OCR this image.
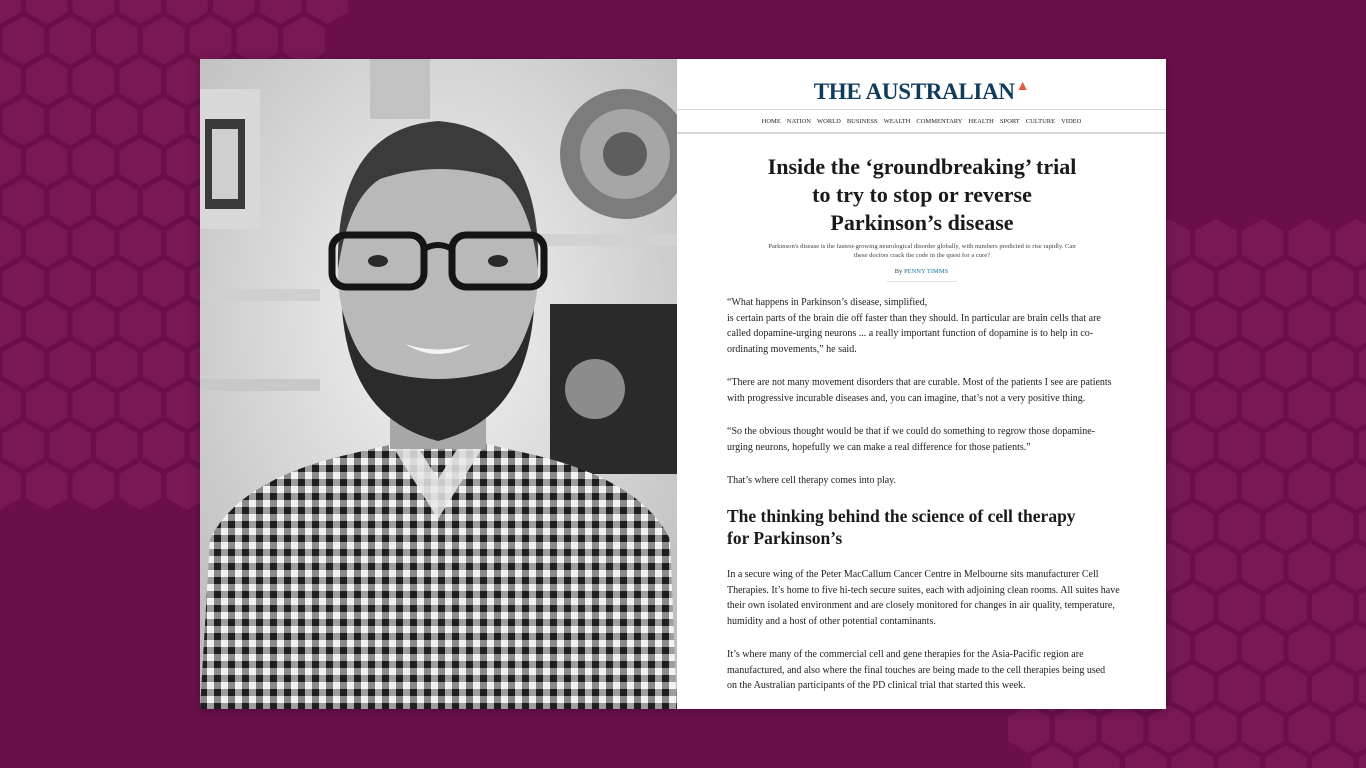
THE AUSTRALIAN▲
HOME NATION WORLD BUSINESS WEALTH COMMENTARY HEALTH SPORT CULTURE VIDEO
Inside the ‘groundbreaking’ trial
to try to stop or reverse
Parkinson’s disease
Parkinson's disease is the fastest-growing neurological disorder globally, with numbers predicted to rise rapidly. Can
these doctors crack the code in the quest for a cure?
By PENNY TIMMS

“What happens in Parkinson’s disease, simplified,
is certain parts of the brain die off faster than they should. In particular are brain cells that are
called dopamine-urging neurons ... a really important function of dopamine is to help in co-
ordinating movements,” he said.

“There are not many movement disorders that are curable. Most of the patients I see are patients
with progressive incurable diseases and, you can imagine, that’s not a very positive thing.

“So the obvious thought would be that if we could do something to regrow those dopamine-
urging neurons, hopefully we can make a real difference for those patients.”

That’s where cell therapy comes into play.

The thinking behind the science of cell therapy
for Parkinson’s

In a secure wing of the Peter MacCallum Cancer Centre in Melbourne sits manufacturer Cell
Therapies. It’s home to five hi-tech secure suites, each with adjoining clean rooms. All suites have
their own isolated environment and are closely monitored for changes in air quality, temperature,
humidity and a host of other potential contaminants.

It’s where many of the commercial cell and gene therapies for the Asia-Pacific region are
manufactured, and also where the final touches are being made to the cell therapies being used
on the Australian participants of the PD clinical trial that started this week.
